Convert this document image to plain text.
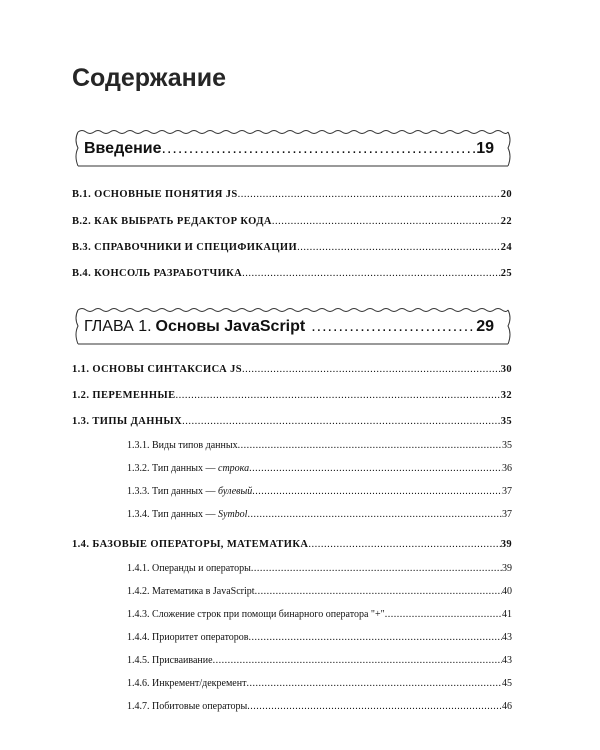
Содержание
Введение .....	19
В.1. ОСНОВНЫЕ ПОНЯТИЯ JS .....	20
В.2. КАК ВЫБРАТЬ РЕДАКТОР КОДА .....	22
В.3. СПРАВОЧНИКИ И СПЕЦИФИКАЦИИ .....	24
В.4. КОНСОЛЬ РАЗРАБОТЧИКА .....	25
ГЛАВА 1. Основы JavaScript .....	29
1.1. ОСНОВЫ СИНТАКСИСА JS .....	30
1.2. ПЕРЕМЕННЫЕ .....	32
1.3. ТИПЫ ДАННЫХ .....	35
1.3.1. Виды типов данных .....	35
1.3.2. Тип данных — строка .....	36
1.3.3. Тип данных — булевый .....	37
1.3.4. Тип данных — Symbol .....	37
1.4. БАЗОВЫЕ ОПЕРАТОРЫ, МАТЕМАТИКА .....	39
1.4.1. Операнды и операторы .....	39
1.4.2. Математика в JavaScript .....	40
1.4.3. Сложение строк при помощи бинарного оператора "+" .....	41
1.4.4. Приоритет операторов .....	43
1.4.5. Присваивание .....	43
1.4.6. Инкремент/декремент .....	45
1.4.7. Побитовые операторы .....	46
